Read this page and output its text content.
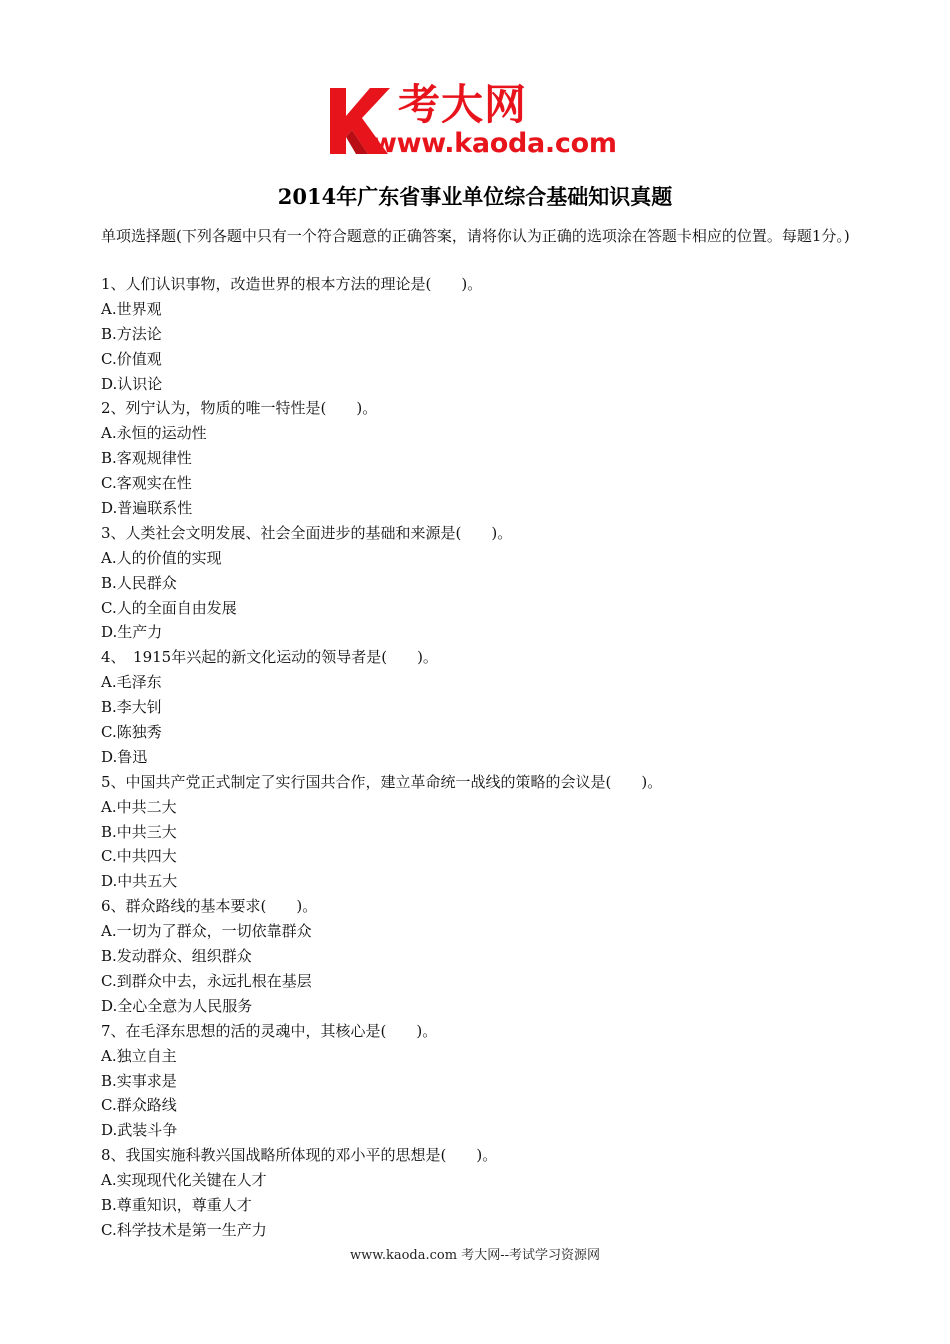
考大网
www.kaoda.com
2014年广东省事业单位综合基础知识真题
单项选择题(下列各题中只有一个符合题意的正确答案，请将你认为正确的选项涂在答题卡相应的位置。每题1分。)
1、人们认识事物，改造世界的根本方法的理论是(　　)。
A.世界观
B.方法论
C.价值观
D.认识论
2、列宁认为，物质的唯一特性是(　　)。
A.永恒的运动性
B.客观规律性
C.客观实在性
D.普遍联系性
3、人类社会文明发展、社会全面进步的基础和来源是(　　)。
A.人的价值的实现
B.人民群众
C.人的全面自由发展
D.生产力
4、　1915年兴起的新文化运动的领导者是(　　)。
A.毛泽东
B.李大钊
C.陈独秀
D.鲁迅
5、中国共产党正式制定了实行国共合作，建立革命统一战线的策略的会议是(　　)。
A.中共二大
B.中共三大
C.中共四大
D.中共五大
6、群众路线的基本要求(　　)。
A.一切为了群众，一切依靠群众
B.发动群众、组织群众
C.到群众中去，永远扎根在基层
D.全心全意为人民服务
7、在毛泽东思想的活的灵魂中，其核心是(　　)。
A.独立自主
B.实事求是
C.群众路线
D.武装斗争
8、我国实施科教兴国战略所体现的邓小平的思想是(　　)。
A.实现现代化关键在人才
B.尊重知识，尊重人才
C.科学技术是第一生产力
www.kaoda.com 考大网--考试学习资源网
